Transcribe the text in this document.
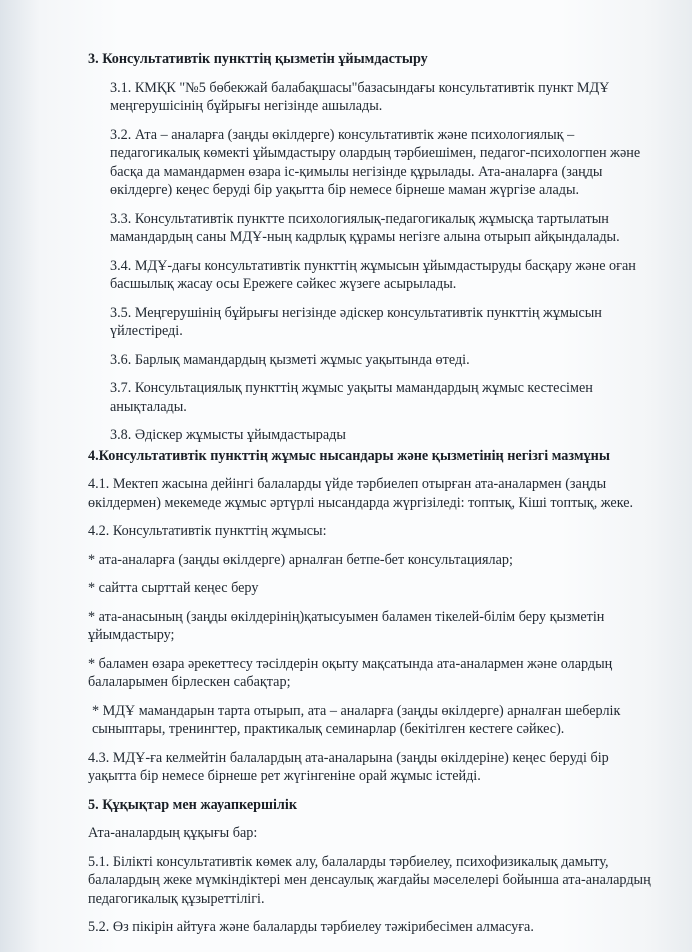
3. Консультативтік пункттің қызметін ұйымдастыру
3.1. КМҚК "№5 бөбекжай балабақшасы"базасындағы консультативтік пункт МДҰ меңгерушісінің бұйрығы негізінде ашылады.
3.2. Ата – аналарға (заңды өкілдерге) консультативтік және психологиялық – педагогикалық көмекті ұйымдастыру олардың тәрбиешімен, педагог-психологпен және басқа да мамандармен өзара іс-қимылы негізінде құрылады. Ата-аналарға (заңды өкілдерге) кеңес беруді бір уақытта бір немесе бірнеше маман жүргізе алады.
3.3. Консультативтік пунктте психологиялық-педагогикалық жұмысқа тартылатын мамандардың саны МДҰ-ның кадрлық құрамы негізге алына отырып айқындалады.
3.4. МДҰ-дағы консультативтік пункттің жұмысын ұйымдастыруды басқару және оған басшылық жасау осы Ережеге сәйкес жүзеге асырылады.
3.5. Меңгерушінің бұйрығы негізінде әдіскер консультативтік пункттің жұмысын үйлестіреді.
3.6. Барлық мамандардың қызметі жұмыс уақытында өтеді.
3.7. Консультациялық пункттің жұмыс уақыты мамандардың жұмыс кестесімен анықталады.
3.8. Әдіскер жұмысты ұйымдастырады
4.Консультативтік пункттің жұмыс нысандары және қызметінің негізгі мазмұны
4.1. Мектеп жасына дейінгі балаларды үйде тәрбиелеп отырған ата-аналармен (заңды өкілдермен) мекемеде жұмыс әртүрлі нысандарда жүргізіледі: топтық, Кіші топтық, жеке.
4.2. Консультативтік пункттің жұмысы:
* ата-аналарға (заңды өкілдерге) арналған бетпе-бет консультациялар;
* сайтта сырттай кеңес беру
* ата-анасының (заңды өкілдерінің)қатысуымен баламен тікелей-білім беру қызметін ұйымдастыру;
* баламен өзара әрекеттесу тәсілдерін оқыту мақсатында ата-аналармен және олардың балаларымен бірлескен сабақтар;
* МДҰ мамандарын тарта отырып, ата – аналарға (заңды өкілдерге) арналған шеберлік сыныптары, тренингтер, практикалық семинарлар (бекітілген кестеге сәйкес).
4.3. МДҰ-ға келмейтін балалардың ата-аналарына (заңды өкілдеріне) кеңес беруді бір уақытта бір немесе бірнеше рет жүгінгеніне орай жұмыс істейді.
5. Құқықтар мен жауапкершілік
Ата-аналардың құқығы бар:
5.1. Білікті консультативтік көмек алу, балаларды тәрбиелеу, психофизикалық дамыту, балалардың жеке мүмкіндіктері мен денсаулық жағдайы мәселелері бойынша ата-аналардың педагогикалық құзыреттілігі.
5.2. Өз пікірін айтуға және балаларды тәрбиелеу тәжірибесімен алмасуға.
